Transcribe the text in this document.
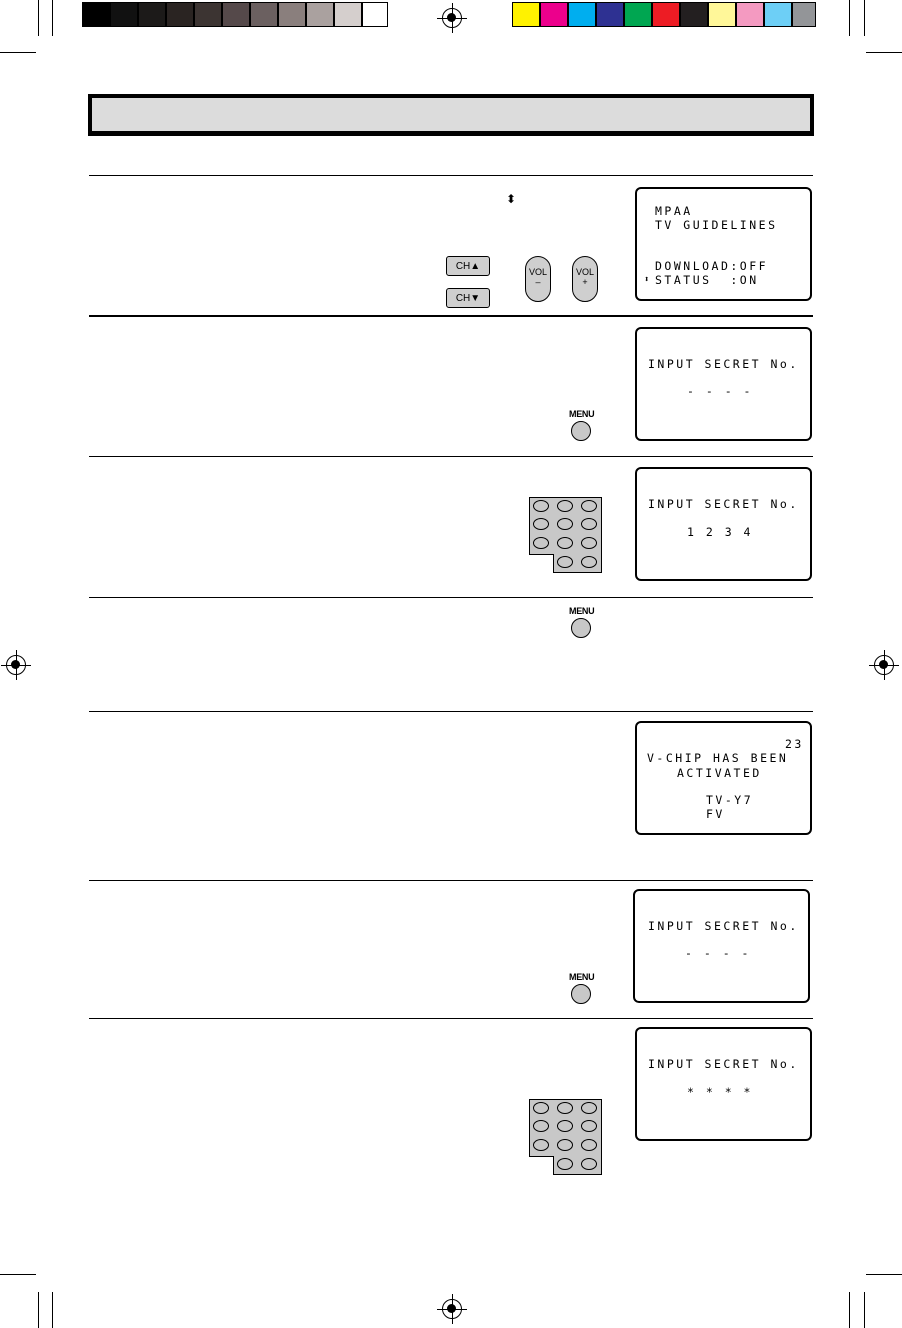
⬍
CH▲
CH▼
VOL
–
VOL
+
MPAA
TV GUIDELINES
DOWNLOAD:OFF
⬍ STATUS  :ON
MENU
INPUT SECRET No.
- - - -
INPUT SECRET No.
1 2 3 4
MENU
23
V-CHIP HAS BEEN
ACTIVATED
TV-Y7
FV
MENU
INPUT SECRET No.
- - - -
INPUT SECRET No.
* * * *
